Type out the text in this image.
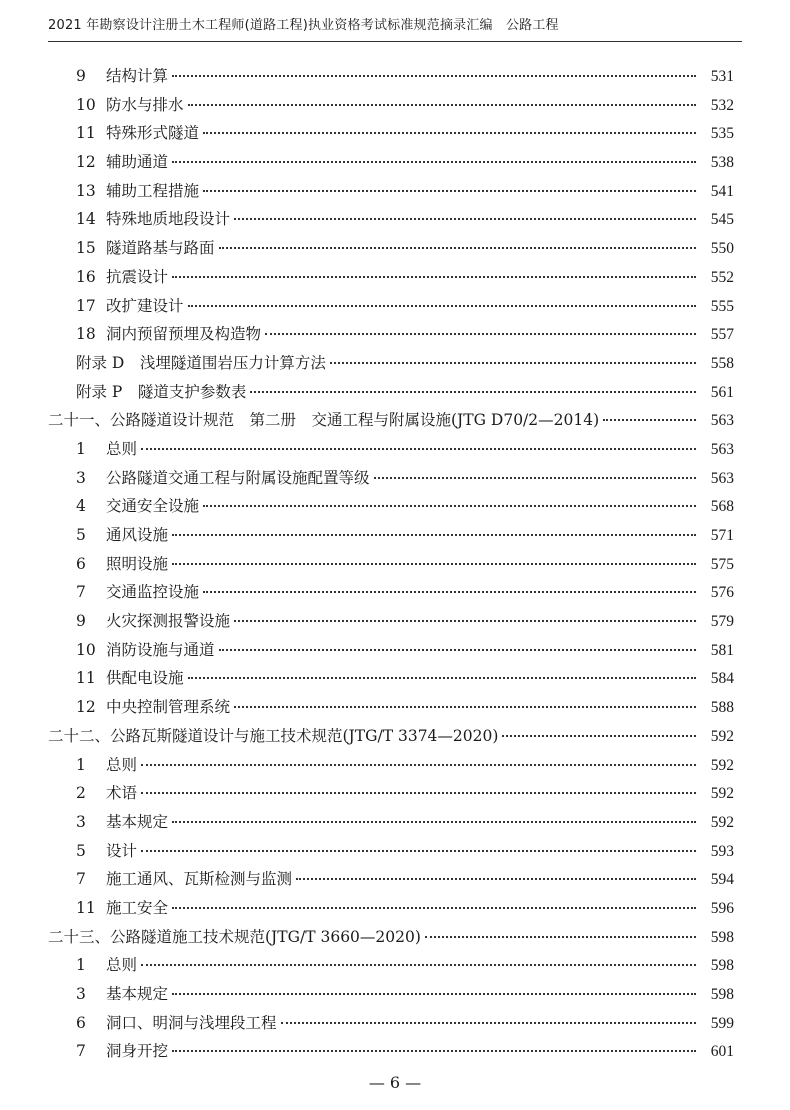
2021 年勘察设计注册土木工程师(道路工程)执业资格考试标准规范摘录汇编　公路工程
9	结构计算	531
10 防水与排水	532
11 特殊形式隧道	535
12 辅助通道	538
13 辅助工程措施	541
14 特殊地质地段设计	545
15 隧道路基与路面	550
16 抗震设计	552
17 改扩建设计	555
18 洞内预留预埋及构造物	557
附录 D　浅埋隧道围岩压力计算方法	558
附录 P　隧道支护参数表	561
二十一、公路隧道设计规范　第二册　交通工程与附属设施(JTG D70/2—2014)	563
1	总则	563
3	公路隧道交通工程与附属设施配置等级	563
4	交通安全设施	568
5	通风设施	571
6	照明设施	575
7	交通监控设施	576
9	火灾探测报警设施	579
10 消防设施与通道	581
11 供配电设施	584
12 中央控制管理系统	588
二十二、公路瓦斯隧道设计与施工技术规范(JTG/T 3374—2020)	592
1	总则	592
2	术语	592
3	基本规定	592
5	设计	593
7	施工通风、瓦斯检测与监测	594
11 施工安全	596
二十三、公路隧道施工技术规范(JTG/T 3660—2020)	598
1	总则	598
3	基本规定	598
6	洞口、明洞与浅埋段工程	599
7	洞身开挖	601
— 6 —
